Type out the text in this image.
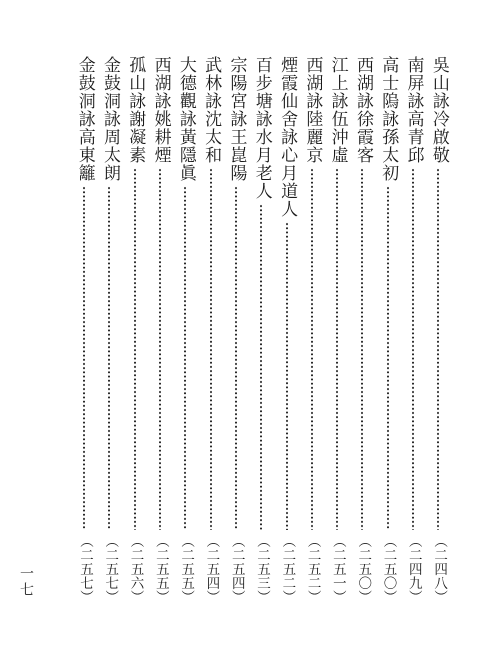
吳山詠冷啟敬
（二四八）
南屏詠高青邱
（二四九）
高士隖詠孫太初
（二五〇）
西湖詠徐霞客
（二五〇）
江上詠伍沖虛
（二五一）
西湖詠陸麗京
（二五二）
煙霞仙舍詠心月道人
（二五二）
百步塘詠水月老人
（二五三）
宗陽宮詠王崑陽
（二五四）
武林詠沈太和
（二五四）
大德觀詠黃隱眞
（二五五）
西湖詠姚耕煙
（二五五）
孤山詠謝凝素
（二五六）
金鼓洞詠周太朗
（二五七）
金鼓洞詠高東籬
（二五七）
一七
